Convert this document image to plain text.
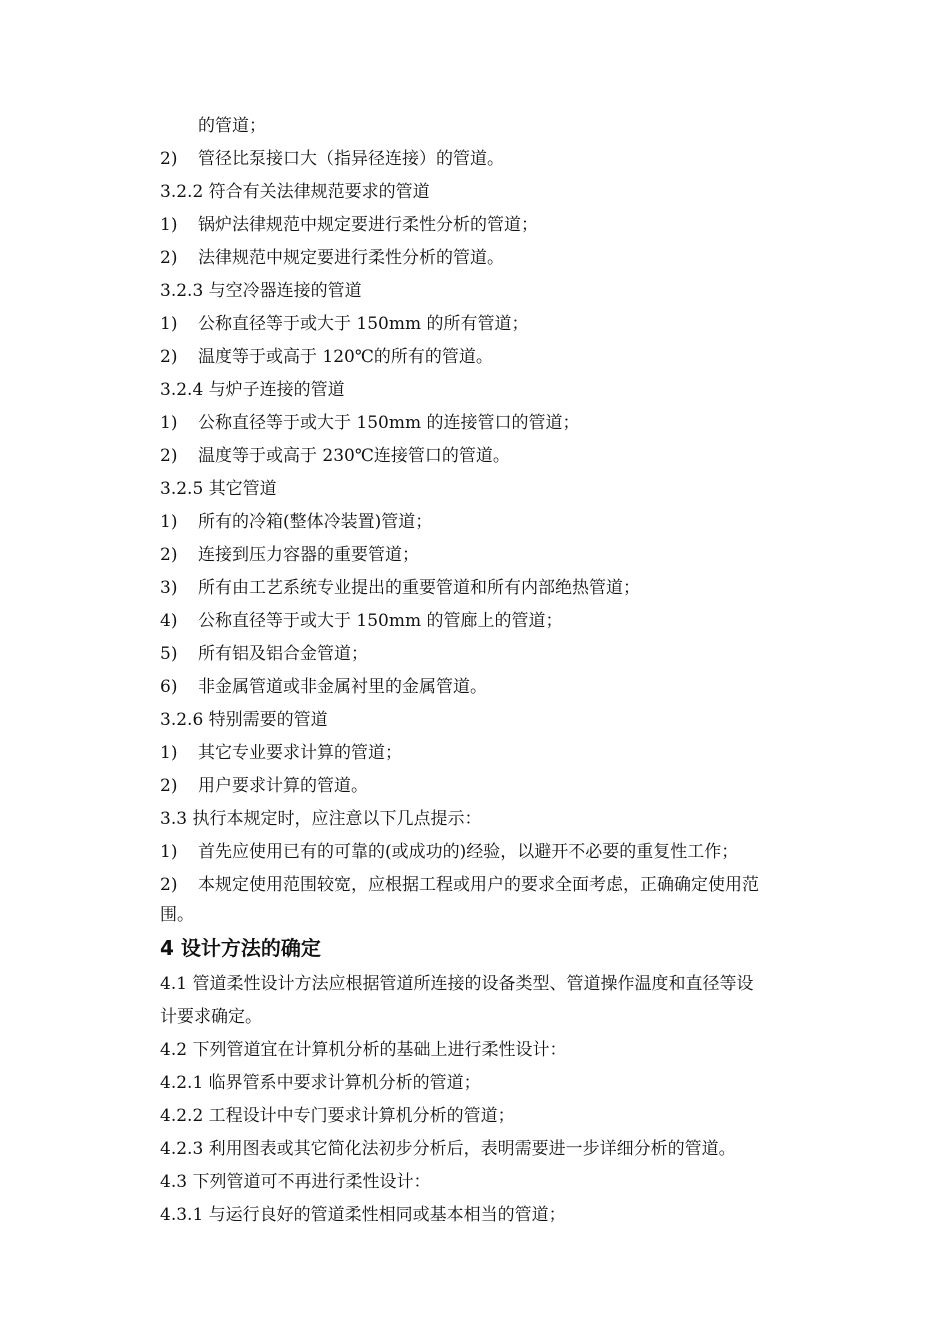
的管道；
2) 管径比泵接口大（指异径连接）的管道。
3.2.2 符合有关法律规范要求的管道
1) 锅炉法律规范中规定要进行柔性分析的管道；
2) 法律规范中规定要进行柔性分析的管道。
3.2.3 与空冷器连接的管道
1) 公称直径等于或大于 150mm 的所有管道；
2) 温度等于或高于 120℃的所有的管道。
3.2.4 与炉子连接的管道
1) 公称直径等于或大于 150mm 的连接管口的管道；
2) 温度等于或高于 230℃连接管口的管道。
3.2.5 其它管道
1) 所有的冷箱(整体冷装置)管道；
2) 连接到压力容器的重要管道；
3) 所有由工艺系统专业提出的重要管道和所有内部绝热管道；
4) 公称直径等于或大于 150mm 的管廊上的管道；
5) 所有铝及铝合金管道；
6) 非金属管道或非金属衬里的金属管道。
3.2.6 特别需要的管道
1) 其它专业要求计算的管道；
2) 用户要求计算的管道。
3.3 执行本规定时，应注意以下几点提示：
1) 首先应使用已有的可靠的(或成功的)经验，以避开不必要的重复性工作；
2) 本规定使用范围较宽，应根据工程或用户的要求全面考虑，正确确定使用范
围。
4 设计方法的确定
4.1 管道柔性设计方法应根据管道所连接的设备类型、管道操作温度和直径等设
计要求确定。
4.2 下列管道宜在计算机分析的基础上进行柔性设计：
4.2.1 临界管系中要求计算机分析的管道；
4.2.2 工程设计中专门要求计算机分析的管道；
4.2.3 利用图表或其它简化法初步分析后，表明需要进一步详细分析的管道。
4.3 下列管道可不再进行柔性设计：
4.3.1 与运行良好的管道柔性相同或基本相当的管道；
